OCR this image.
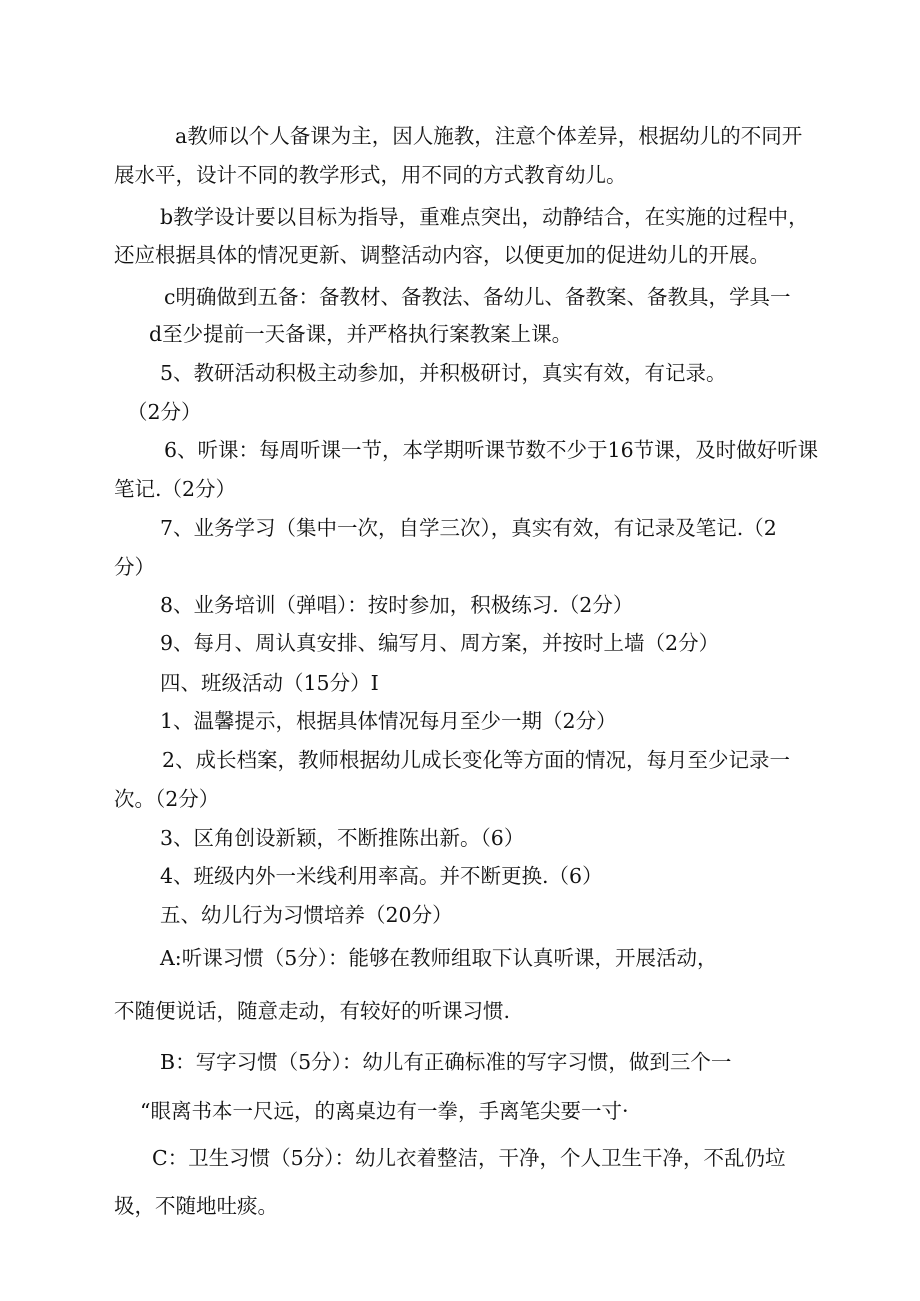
a教师以个人备课为主，因人施教，注意个体差异，根据幼儿的不同开

展水平，设计不同的教学形式，用不同的方式教育幼儿。

b教学设计要以目标为指导，重难点突出，动静结合，在实施的过程中，

还应根据具体的情况更新、调整活动内容，以便更加的促进幼儿的开展。

c明确做到五备：备教材、备教法、备幼儿、备教案、备教具，学具一

d至少提前一天备课，并严格执行案教案上课。

5、教研活动积极主动参加，并积极研讨，真实有效，有记录。

（2分）

6、听课：每周听课一节，本学期听课节数不少于16节课，及时做好听课

笔记.（2分）

7、业务学习（集中一次，自学三次），真实有效，有记录及笔记.（2

分）

8、业务培训（弹唱）：按时参加，积极练习.（2分）

9、每月、周认真安排、编写月、周方案，并按时上墙（2分）

四、班级活动（15分）I

1、温馨提示，根据具体情况每月至少一期（2分）

2、成长档案，教师根据幼儿成长变化等方面的情况，每月至少记录一

次。（2分）

3、区角创设新颖，不断推陈出新。（6）

4、班级内外一米线利用率高。并不断更换.（6）

五、幼儿行为习惯培养（20分）

A:听课习惯（5分）：能够在教师组取下认真听课，开展活动，

不随便说话，随意走动，有较好的听课习惯.

B：写字习惯（5分）：幼儿有正确标准的写字习惯，做到三个一

“眼离书本一尺远，的离桌边有一拳，手离笔尖要一寸·

C：卫生习惯（5分）：幼儿衣着整洁，干净，个人卫生干净，不乱仍垃

圾，不随地吐痰。
